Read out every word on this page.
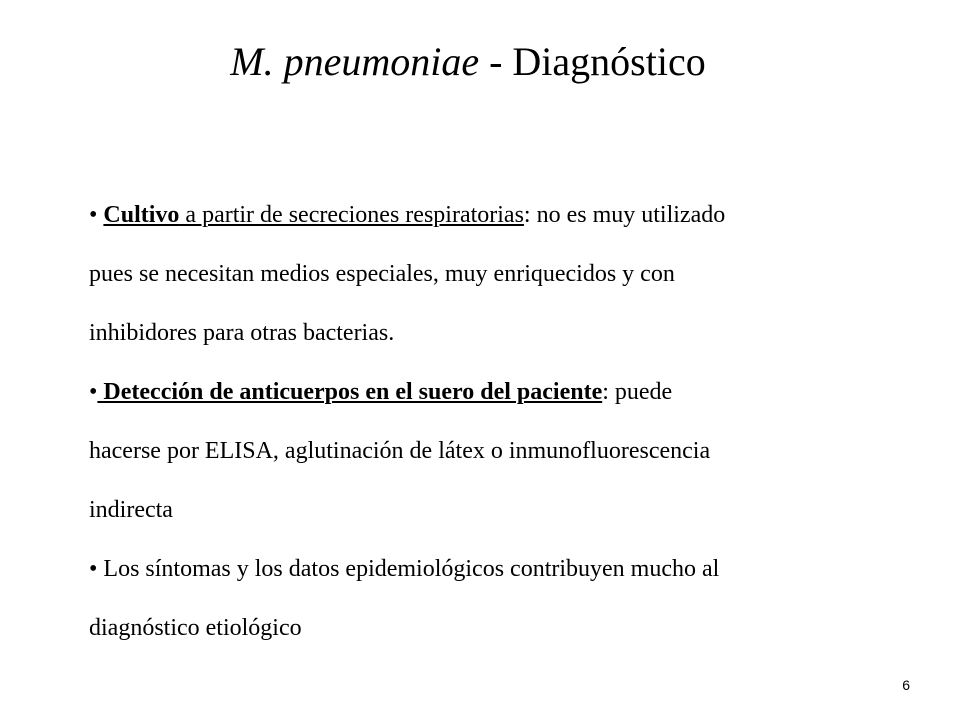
M. pneumoniae - Diagnóstico
• Cultivo a partir de secreciones respiratorias: no es muy utilizado
pues se necesitan medios especiales, muy enriquecidos y con
inhibidores para otras bacterias.
• Detección de anticuerpos en el suero del paciente: puede
hacerse por ELISA, aglutinación de látex o inmunofluorescencia
indirecta
• Los síntomas y los datos epidemiológicos contribuyen mucho al
diagnóstico etiológico
6
